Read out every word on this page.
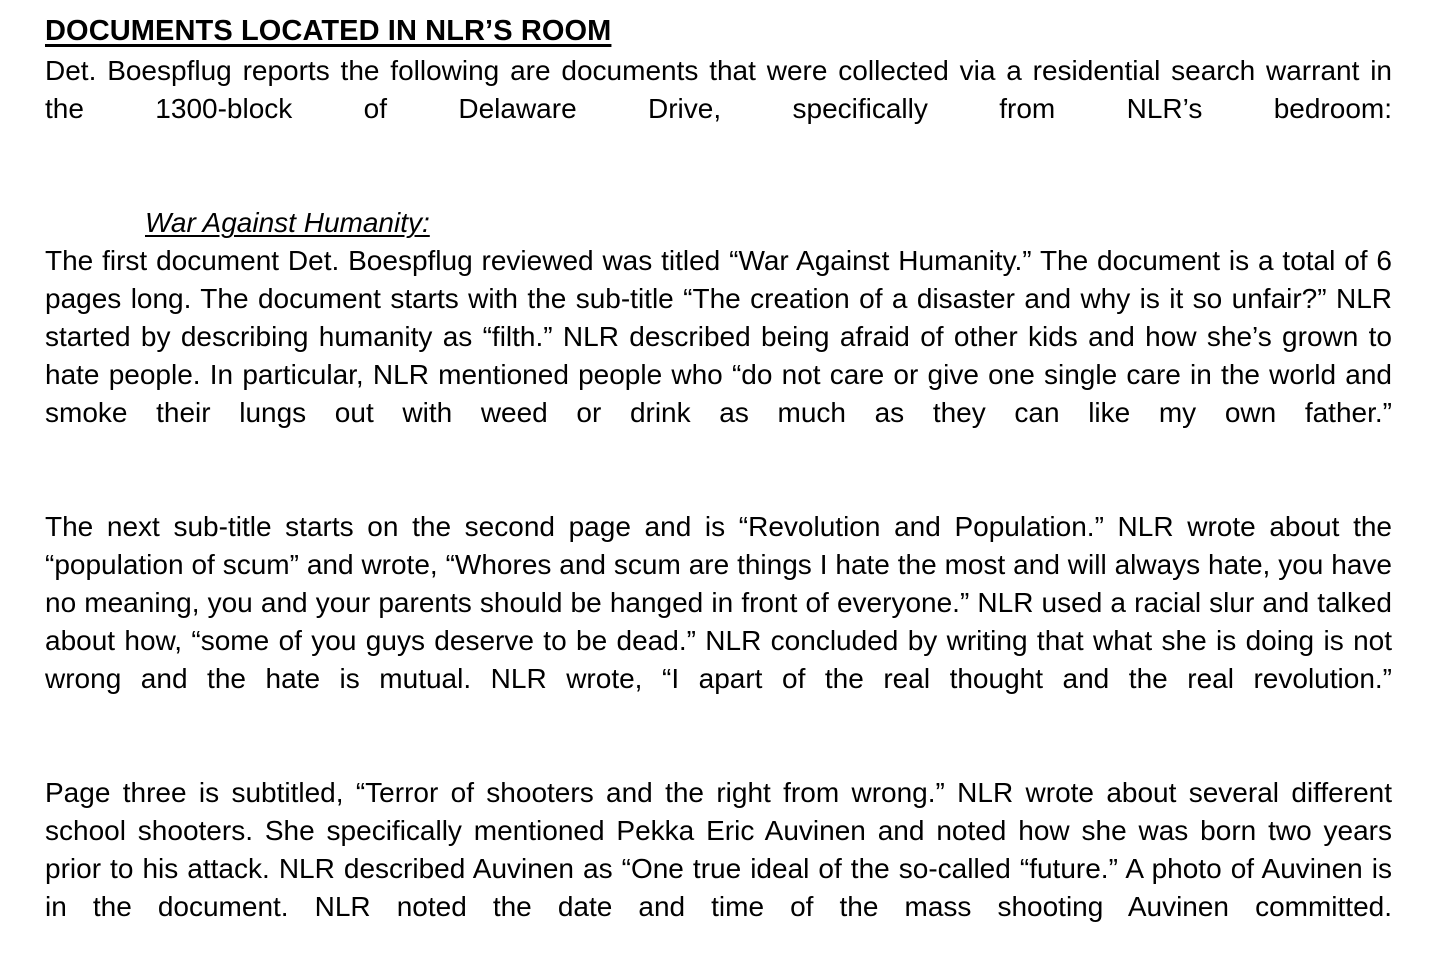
DOCUMENTS LOCATED IN NLR’S ROOM

Det. Boespflug reports the following are documents that were collected via a residential search warrant in the 1300-block of Delaware Drive, specifically from NLR’s bedroom:

War Against Humanity:

The first document Det. Boespflug reviewed was titled “War Against Humanity.” The document is a total of 6 pages long. The document starts with the sub-title “The creation of a disaster and why is it so unfair?” NLR started by describing humanity as “filth.” NLR described being afraid of other kids and how she’s grown to hate people. In particular, NLR mentioned people who “do not care or give one single care in the world and smoke their lungs out with weed or drink as much as they can like my own father.”

The next sub-title starts on the second page and is “Revolution and Population.” NLR wrote about the “population of scum” and wrote, “Whores and scum are things I hate the most and will always hate, you have no meaning, you and your parents should be hanged in front of everyone.” NLR used a racial slur and talked about how, “some of you guys deserve to be dead.” NLR concluded by writing that what she is doing is not wrong and the hate is mutual. NLR wrote, “I apart of the real thought and the real revolution.”

Page three is subtitled, “Terror of shooters and the right from wrong.” NLR wrote about several different school shooters. She specifically mentioned Pekka Eric Auvinen and noted how she was born two years prior to his attack. NLR described Auvinen as “One true ideal of the so-called “future.” A photo of Auvinen is in the document. NLR noted the date and time of the mass shooting Auvinen committed.
